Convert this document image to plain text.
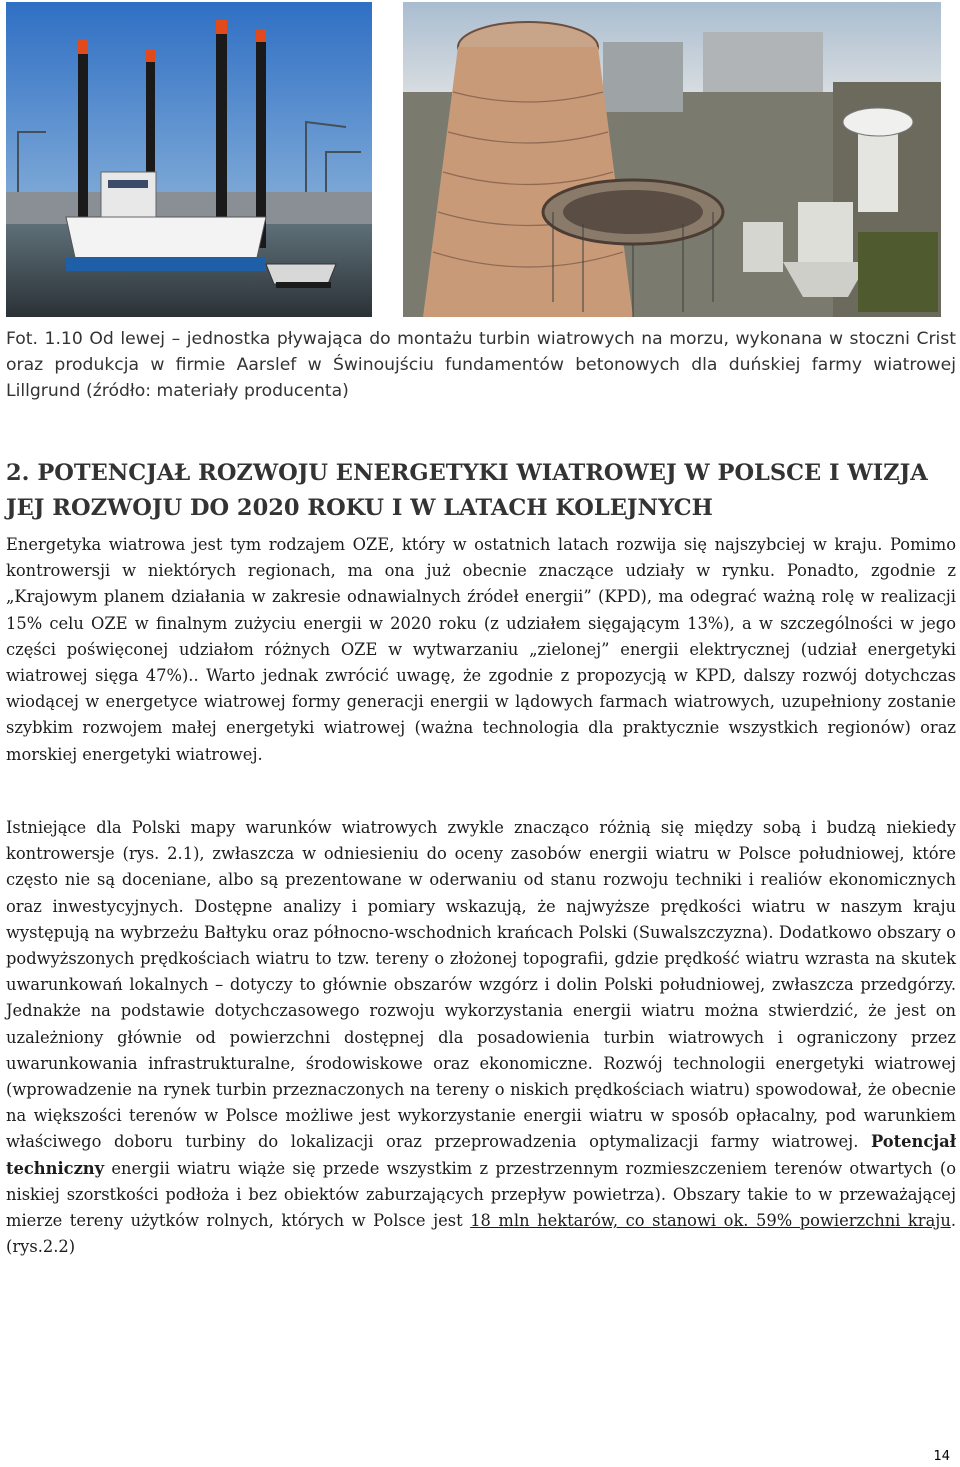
Fot. 1.10 Od lewej – jednostka pływająca do montażu turbin wiatrowych na morzu, wykonana w stoczni Crist oraz produkcja w firmie Aarslef w Świnoujściu fundamentów betonowych dla duńskiej farmy wiatrowej Lillgrund (źródło: materiały producenta)
2. POTENCJAŁ ROZWOJU ENERGETYKI WIATROWEJ W POLSCE I WIZJA JEJ ROZWOJU DO 2020 ROKU I W LATACH KOLEJNYCH
Energetyka wiatrowa jest tym rodzajem OZE, który w ostatnich latach rozwija się najszybciej w kraju. Pomimo kontrowersji w niektórych regionach, ma ona już obecnie znaczące udziały w rynku. Ponadto, zgodnie z „Krajowym planem działania w zakresie odnawialnych źródeł energii” (KPD), ma odegrać ważną rolę w realizacji 15% celu OZE w finalnym zużyciu energii w 2020 roku (z udziałem sięgającym 13%), a w szczególności w jego części poświęconej udziałom różnych OZE w wytwarzaniu „zielonej” energii elektrycznej (udział energetyki wiatrowej sięga 47%).. Warto jednak zwrócić uwagę, że zgodnie z propozycją w KPD, dalszy rozwój dotychczas wiodącej w energetyce wiatrowej formy generacji energii w lądowych farmach wiatrowych, uzupełniony zostanie szybkim rozwojem małej energetyki wiatrowej (ważna technologia dla praktycznie wszystkich regionów) oraz morskiej energetyki wiatrowej.
Istniejące dla Polski mapy warunków wiatrowych zwykle znacząco różnią się między sobą i budzą niekiedy kontrowersje (rys. 2.1), zwłaszcza w odniesieniu do oceny zasobów energii wiatru w Polsce południowej, które często nie są doceniane, albo są prezentowane w oderwaniu od stanu rozwoju techniki i realiów ekonomicznych oraz inwestycyjnych. Dostępne analizy i pomiary wskazują, że najwyższe prędkości wiatru w naszym kraju występują na wybrzeżu Bałtyku oraz północno-wschodnich krańcach Polski (Suwalszczyzna). Dodatkowo obszary o podwyższonych prędkościach wiatru to tzw. tereny o złożonej topografii, gdzie prędkość wiatru wzrasta na skutek uwarunkowań lokalnych – dotyczy to głównie obszarów wzgórz i dolin Polski południowej, zwłaszcza przedgórzy. Jednakże na podstawie dotychczasowego rozwoju wykorzystania energii wiatru można stwierdzić, że jest on uzależniony głównie od powierzchni dostępnej dla posadowienia turbin wiatrowych i ograniczony przez uwarunkowania infrastrukturalne, środowiskowe oraz ekonomiczne. Rozwój technologii energetyki wiatrowej (wprowadzenie na rynek turbin przeznaczonych na tereny o niskich prędkościach wiatru) spowodował, że obecnie na większości terenów w Polsce możliwe jest wykorzystanie energii wiatru w sposób opłacalny, pod warunkiem właściwego doboru turbiny do lokalizacji oraz przeprowadzenia optymalizacji farmy wiatrowej. Potencjał techniczny energii wiatru wiąże się przede wszystkim z przestrzennym rozmieszczeniem terenów otwartych (o niskiej szorstkości podłoża i bez obiektów zaburzających przepływ powietrza). Obszary takie to w przeważającej mierze tereny użytków rolnych, których w Polsce jest 18 mln hektarów, co stanowi ok. 59% powierzchni kraju. (rys.2.2)
14
